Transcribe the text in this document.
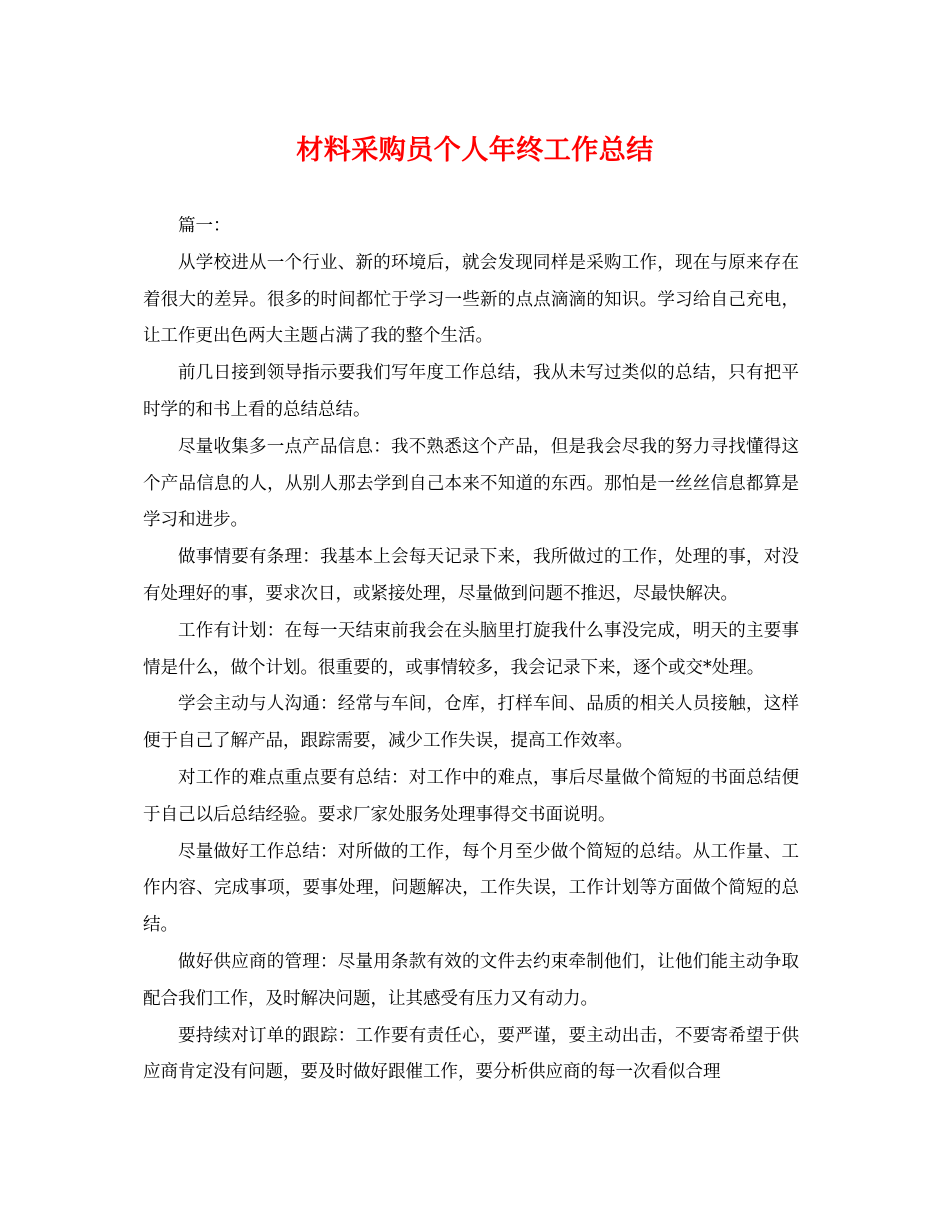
材料采购员个人年终工作总结

篇一：

从学校进从一个行业、新的环境后，就会发现同样是采购工作，现在与原来存在着很大的差异。很多的时间都忙于学习一些新的点点滴滴的知识。学习给自己充电，让工作更出色两大主题占满了我的整个生活。

前几日接到领导指示要我们写年度工作总结，我从未写过类似的总结，只有把平时学的和书上看的总结总结。

尽量收集多一点产品信息：我不熟悉这个产品，但是我会尽我的努力寻找懂得这个产品信息的人，从别人那去学到自己本来不知道的东西。那怕是一丝丝信息都算是学习和进步。

做事情要有条理：我基本上会每天记录下来，我所做过的工作，处理的事，对没有处理好的事，要求次日，或紧接处理，尽量做到问题不推迟，尽最快解决。

工作有计划：在每一天结束前我会在头脑里打旋我什么事没完成，明天的主要事情是什么，做个计划。很重要的，或事情较多，我会记录下来，逐个或交*处理。

学会主动与人沟通：经常与车间，仓库，打样车间、品质的相关人员接触，这样便于自己了解产品，跟踪需要，减少工作失误，提高工作效率。

对工作的难点重点要有总结：对工作中的难点，事后尽量做个简短的书面总结便于自己以后总结经验。要求厂家处服务处理事得交书面说明。

尽量做好工作总结：对所做的工作，每个月至少做个简短的总结。从工作量、工作内容、完成事项，要事处理，问题解决，工作失误，工作计划等方面做个简短的总结。

做好供应商的管理：尽量用条款有效的文件去约束牵制他们，让他们能主动争取配合我们工作，及时解决问题，让其感受有压力又有动力。

要持续对订单的跟踪：工作要有责任心，要严谨，要主动出击，不要寄希望于供应商肯定没有问题，要及时做好跟催工作，要分析供应商的每一次看似合理
